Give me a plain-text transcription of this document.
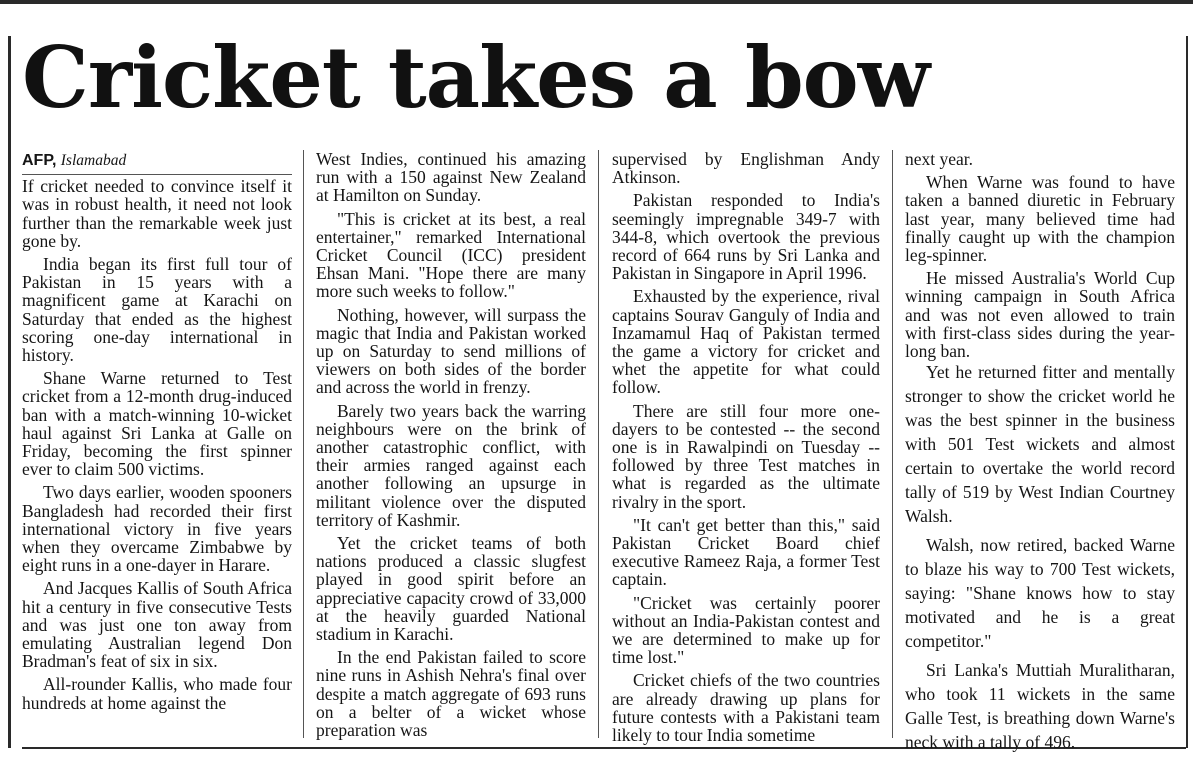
Cricket takes a bow
AFP, Islamabad

If cricket needed to convince itself it was in robust health, it need not look further than the remarkable week just gone by.

India began its first full tour of Pakistan in 15 years with a magnificent game at Karachi on Saturday that ended as the highest scoring one-day international in history.

Shane Warne returned to Test cricket from a 12-month drug-induced ban with a match-winning 10-wicket haul against Sri Lanka at Galle on Friday, becoming the first spinner ever to claim 500 victims.

Two days earlier, wooden spooners Bangladesh had recorded their first international victory in five years when they overcame Zimbabwe by eight runs in a one-dayer in Harare.

And Jacques Kallis of South Africa hit a century in five consecutive Tests and was just one ton away from emulating Australian legend Don Bradman's feat of six in six.

All-rounder Kallis, who made four hundreds at home against the

West Indies, continued his amazing run with a 150 against New Zealand at Hamilton on Sunday.

"This is cricket at its best, a real entertainer," remarked International Cricket Council (ICC) president Ehsan Mani. "Hope there are many more such weeks to follow."

Nothing, however, will surpass the magic that India and Pakistan worked up on Saturday to send millions of viewers on both sides of the border and across the world in frenzy.

Barely two years back the warring neighbours were on the brink of another catastrophic conflict, with their armies ranged against each another following an upsurge in militant violence over the disputed territory of Kashmir.

Yet the cricket teams of both nations produced a classic slugfest played in good spirit before an appreciative capacity crowd of 33,000 at the heavily guarded National stadium in Karachi.

In the end Pakistan failed to score nine runs in Ashish Nehra's final over despite a match aggregate of 693 runs on a belter of a wicket whose preparation was

supervised by Englishman Andy Atkinson.

Pakistan responded to India's seemingly impregnable 349-7 with 344-8, which overtook the previous record of 664 runs by Sri Lanka and Pakistan in Singapore in April 1996.

Exhausted by the experience, rival captains Sourav Ganguly of India and Inzamamul Haq of Pakistan termed the game a victory for cricket and whet the appetite for what could follow.

There are still four more one-dayers to be contested -- the second one is in Rawalpindi on Tuesday -- followed by three Test matches in what is regarded as the ultimate rivalry in the sport.

"It can't get better than this," said Pakistan Cricket Board chief executive Rameez Raja, a former Test captain.

"Cricket was certainly poorer without an India-Pakistan contest and we are determined to make up for time lost."

Cricket chiefs of the two countries are already drawing up plans for future contests with a Pakistani team likely to tour India sometime

next year.

When Warne was found to have taken a banned diuretic in February last year, many believed time had finally caught up with the champion leg-spinner.

He missed Australia's World Cup winning campaign in South Africa and was not even allowed to train with first-class sides during the year-long ban.

Yet he returned fitter and mentally stronger to show the cricket world he was the best spinner in the business with 501 Test wickets and almost certain to overtake the world record tally of 519 by West Indian Courtney Walsh.

Walsh, now retired, backed Warne to blaze his way to 700 Test wickets, saying: "Shane knows how to stay motivated and he is a great competitor."

Sri Lanka's Muttiah Muralitharan, who took 11 wickets in the same Galle Test, is breathing down Warne's neck with a tally of 496.
